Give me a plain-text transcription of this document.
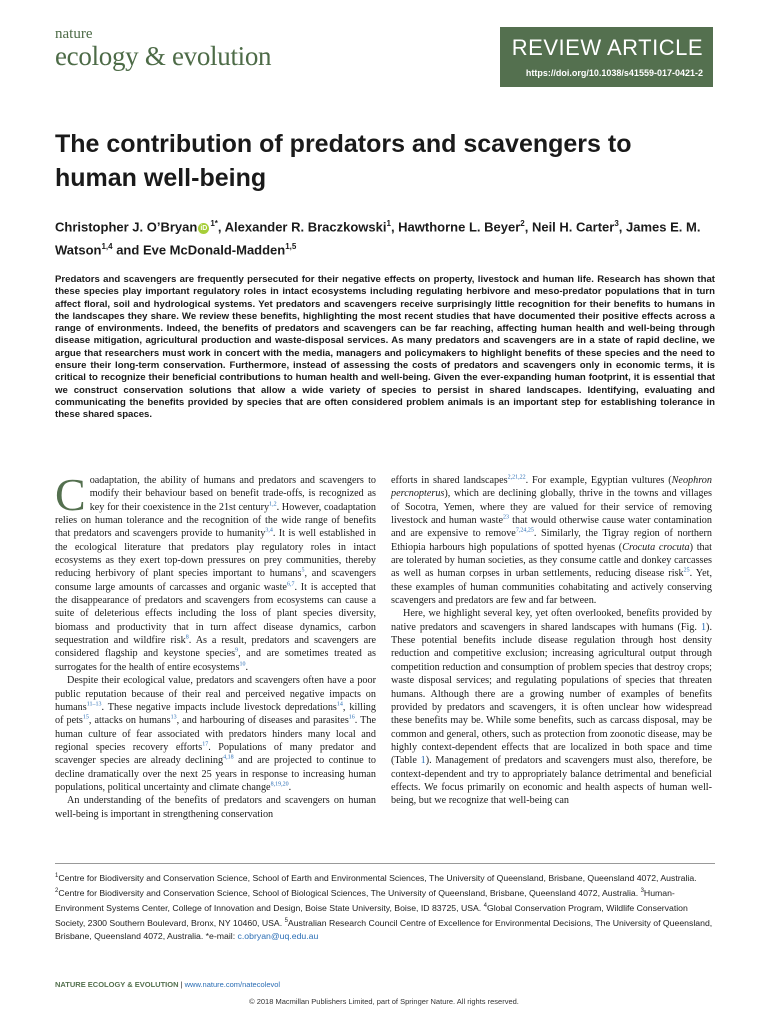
nature
ecology & evolution	REVIEW ARTICLE
https://doi.org/10.1038/s41559-017-0421-2
The contribution of predators and scavengers to human well-being

Christopher J. O’Bryan $iD^{1*}$, Alexander R. Braczkowski$^1$, Hawthorne L. Beyer$^2$, Neil H. Carter$^3$, James E. M. Watson$^{1,4}$ and Eve McDonald-Madden$^{1,5}$

Predators and scavengers are frequently persecuted for their negative effects on property, livestock and human life. Research has shown that these species play important regulatory roles in intact ecosystems including regulating herbivore and meso-predator populations that in turn affect floral, soil and hydrological systems. Yet predators and scavengers receive surprisingly little recognition for their benefits to humans in the landscapes they share. We review these benefits, highlighting the most recent studies that have documented their positive effects across a range of environments. Indeed, the benefits of predators and scavengers can be far reaching, affecting human health and well-being through disease mitigation, agricultural production and waste-disposal services. As many predators and scavengers are in a state of rapid decline, we argue that researchers must work in concert with the media, managers and policymakers to highlight benefits of these species and the need to ensure their long-term conservation. Furthermore, instead of assessing the costs of predators and scavengers only in economic terms, it is critical to recognize their beneficial contributions to human health and well-being. Given the ever-expanding human footprint, it is essential that we construct conservation solutions that allow a wide variety of species to persist in shared landscapes. Identifying, evaluating and communicating the benefits provided by species that are often considered problem animals is an important step for establishing tolerance in these shared spaces.

Coadaptation, the ability of humans and predators and scavengers to modify their behaviour based on benefit trade-offs, is recognized as key for their coexistence in the 21st century$^{1,2}$. However, coadaptation relies on human tolerance and the recognition of the wide range of benefits that predators and scavengers provide to humanity$^{3,4}$. It is well established in the ecological literature that predators play regulatory roles in intact ecosystems as they exert top-down pressures on prey communities, thereby reducing herbivory of plant species important to humans$^5$, and scavengers consume large amounts of carcasses and organic waste$^{6,7}$. It is accepted that the disappearance of predators and scavengers from ecosystems can cause a suite of deleterious effects including the loss of plant species diversity, biomass and productivity that in turn affect disease dynamics, carbon sequestration and wildfire risk$^8$. As a result, predators and scavengers are considered flagship and keystone species$^9$, and are sometimes treated as surrogates for the health of entire ecosystems$^{10}$.

Despite their ecological value, predators and scavengers often have a poor public reputation because of their real and perceived negative impacts on humans$^{11-13}$. These negative impacts include livestock depredations$^{14}$, killing of pets$^{15}$, attacks on humans$^{13}$, and harbouring of diseases and parasites$^{16}$. The human culture of fear associated with predators hinders many local and regional species recovery efforts$^{17}$. Populations of many predator and scavenger species are already declining$^{4,18}$ and are projected to continue to decline dramatically over the next 25 years in response to increasing human populations, political uncertainty and climate change$^{8,19,20}$.

An understanding of the benefits of predators and scavengers on human well-being is important in strengthening conservation

efforts in shared landscapes$^{2,21,22}$. For example, Egyptian vultures (Neophron percnopterus), which are declining globally, thrive in the towns and villages of Socotra, Yemen, where they are valued for their service of removing livestock and human waste$^{23}$ that would otherwise cause water contamination and are expensive to remove$^{7,24,25}$. Similarly, the Tigray region of northern Ethiopia harbours high populations of spotted hyenas (Crocuta crocuta) that are tolerated by human societies, as they consume cattle and donkey carcasses as well as human corpses in urban settlements, reducing disease risk$^{25}$. Yet, these examples of human communities cohabitating and actively conserving scavengers and predators are few and far between.

Here, we highlight several key, yet often overlooked, benefits provided by native predators and scavengers in shared landscapes with humans (Fig. 1). These potential benefits include disease regulation through host density reduction and competitive exclusion; increasing agricultural output through competition reduction and consumption of problem species that destroy crops; waste disposal services; and regulating populations of species that threaten humans. Although there are a growing number of examples of benefits provided by predators and scavengers, it is often unclear how widespread these benefits may be. While some benefits, such as carcass disposal, may be common and general, others, such as protection from zoonotic disease, may be highly context-dependent effects that are localized in both space and time (Table 1). Management of predators and scavengers must also, therefore, be context-dependent and try to appropriately balance detrimental and beneficial effects. We focus primarily on economic and health aspects of human well-being, but we recognize that well-being can

$^1$Centre for Biodiversity and Conservation Science, School of Earth and Environmental Sciences, The University of Queensland, Brisbane, Queensland 4072, Australia. $^2$Centre for Biodiversity and Conservation Science, School of Biological Sciences, The University of Queensland, Brisbane, Queensland 4072, Australia. $^3$Human-Environment Systems Center, College of Innovation and Design, Boise State University, Boise, ID 83725, USA. $^4$Global Conservation Program, Wildlife Conservation Society, 2300 Southern Boulevard, Bronx, NY 10460, USA. $^5$Australian Research Council Centre of Excellence for Environmental Decisions, The University of Queensland, Brisbane, Queensland 4072, Australia. *e-mail: c.obryan@uq.edu.au

NATURE ECOLOGY & EVOLUTION | www.nature.com/natecolevol
© 2018 Macmillan Publishers Limited, part of Springer Nature. All rights reserved.
